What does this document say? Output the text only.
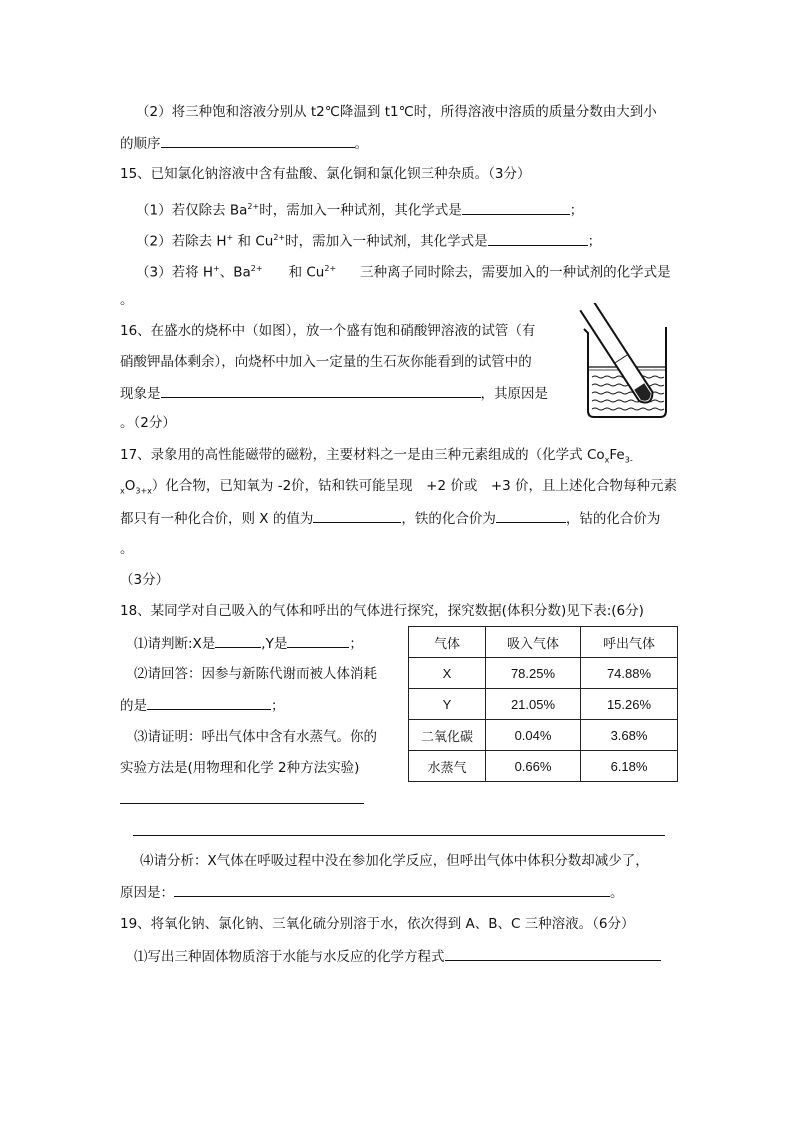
（2）将三种饱和溶液分别从 t2℃降温到 t1℃时，所得溶液中溶质的质量分数由大到小
的顺序	。
15、已知氯化钠溶液中含有盐酸、氯化铜和氯化钡三种杂质。（3分）
（1）若仅除去 $Ba^{2+}$时，需加入一种试剂，其化学式是	；
（2）若除去 H+ 和 $Cu^{2+}$时，需加入一种试剂，其化学式是	；
（3）若将 H+、$Ba^{2+}$ 和 $Cu^{2+}$ 三种离子同时除去，需要加入的一种试剂的化学式是
。
16、在盛水的烧杯中（如图），放一个盛有饱和硝酸钾溶液的试管（有
硝酸钾晶体剩余），向烧杯中加入一定量的生石灰你能看到的试管中的
现象是	，其原因是
。（2分）
17、录象用的高性能磁带的磁粉，主要材料之一是由三种元素组成的（化学式 $Co_xFe_{3-}$
$_xO_{3+x}$）化合物，已知氧为 -2价，钴和铁可能呈现　+2 价或　+3 价，且上述化合物每种元素
都只有一种化合价，则 X 的值为	，铁的化合价为	，钴的化合价为
。
（3分）
18、某同学对自己吸入的气体和呼出的气体进行探究，探究数据(体积分数)见下表:(6分)
⑴请判断:X是	,Y是	；
⑵请回答：因参与新陈代谢而被人体消耗
的是	；
⑶请证明：呼出气体中含有水蒸气。你的
实验方法是(用物理和化学 2种方法实验)
气体	吸入气体	呼出气体
X	78.25%	74.88%
Y	21.05%	15.26%
二氧化碳	0.04%	3.68%
水蒸气	0.66%	6.18%
⑷请分析：X气体在呼吸过程中没在参加化学反应，但呼出气体中体积分数却减少了，
原因是：	。
19、将氧化钠、氯化钠、三氧化硫分别溶于水，依次得到 A、B、C 三种溶液。（6分）
⑴写出三种固体物质溶于水能与水反应的化学方程式
